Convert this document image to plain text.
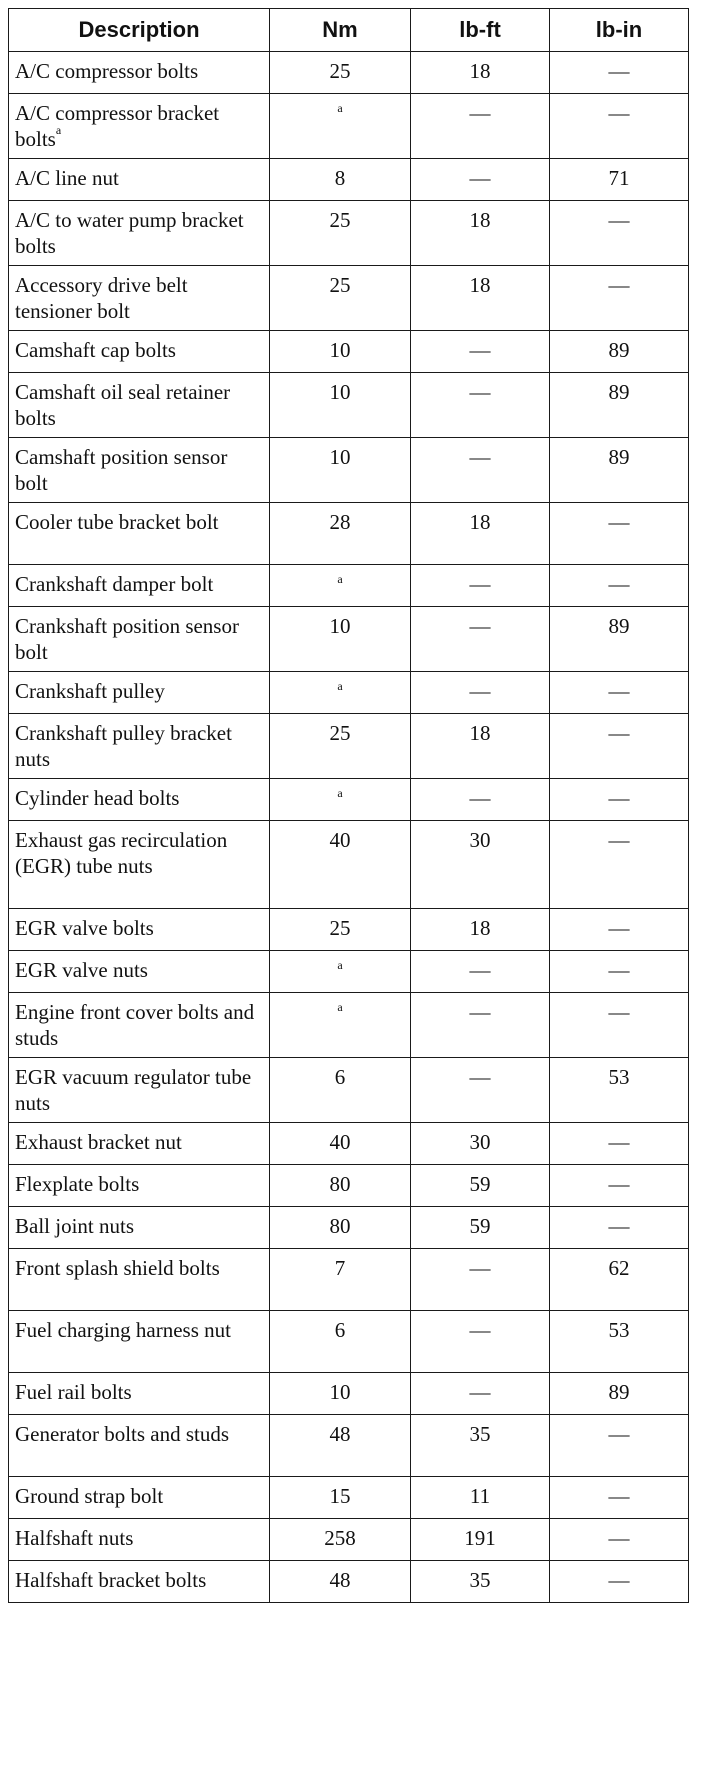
Description	Nm	lb-ft	lb-in
A/C compressor bolts	25	18	—
A/C compressor bracket bolts$^a$	$^a$	—	—
A/C line nut	8	—	71
A/C to water pump bracket bolts	25	18	—
Accessory drive belt tensioner bolt	25	18	—
Camshaft cap bolts	10	—	89
Camshaft oil seal retainer bolts	10	—	89
Camshaft position sensor bolt	10	—	89
Cooler tube bracket bolt	28	18	—
Crankshaft damper bolt	$^a$	—	—
Crankshaft position sensor bolt	10	—	89
Crankshaft pulley	$^a$	—	—
Crankshaft pulley bracket nuts	25	18	—
Cylinder head bolts	$^a$	—	—
Exhaust gas recirculation (EGR) tube nuts	40	30	—
EGR valve bolts	25	18	—
EGR valve nuts	$^a$	—	—
Engine front cover bolts and studs	$^a$	—	—
EGR vacuum regulator tube nuts	6	—	53
Exhaust bracket nut	40	30	—
Flexplate bolts	80	59	—
Ball joint nuts	80	59	—
Front splash shield bolts	7	—	62
Fuel charging harness nut	6	—	53
Fuel rail bolts	10	—	89
Generator bolts and studs	48	35	—
Ground strap bolt	15	11	—
Halfshaft nuts	258	191	—
Halfshaft bracket bolts	48	35	—
